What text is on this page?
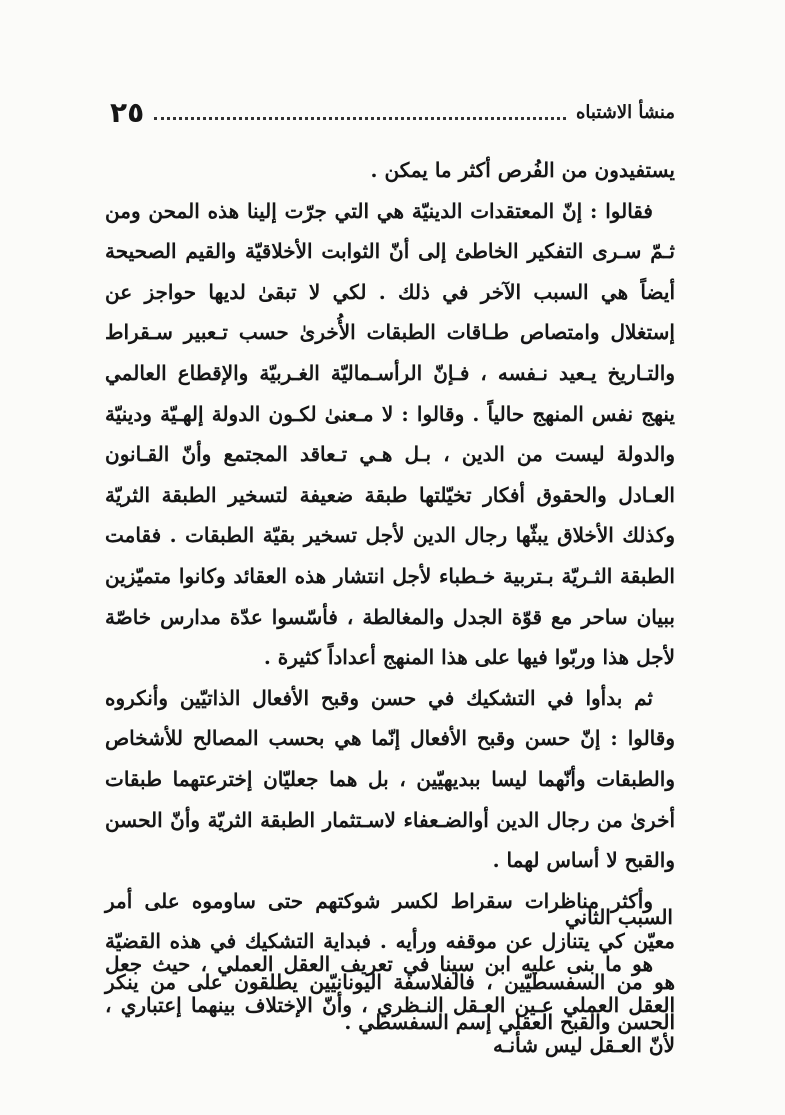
منشأ الاشتباه
٢٥

يستفيدون من الفُرص أكثر ما يمكن .

فقالوا : إنّ المعتقدات الدينيّة هي التي جرّت إلينا هذه المحن ومن ثـمّ سـرى التفكير الخاطئ إلى أنّ الثوابت الأخلاقيّة والقيم الصحيحة أيضاً هي السبب الآخر في ذلك . لكي لا تبقىٰ لديها حواجز عن إستغلال وامتصاص طـاقات الطبقات الأُخرىٰ حسب تـعبير سـقراط والتـاريخ يـعيد نـفسه ، فـإنّ الرأسـماليّة الغـربيّة والإقطاع العالمي ينهج نفس المنهج حالياً . وقالوا : لا مـعنىٰ لكـون الدولة إلهـيّة ودينيّة والدولة ليست من الدين ، بـل هـي تـعاقد المجتمع وأنّ القـانون العـادل والحقوق أفكار تخيّلتها طبقة ضعيفة لتسخير الطبقة الثريّة وكذلك الأخلاق يبثّها رجال الدين لأجل تسخير بقيّة الطبقات . فقامت الطبقة الثـريّة بـتربية خـطباء لأجل انتشار هذه العقائد وكانوا متميّزين ببيان ساحر مع قوّة الجدل والمغالطة ، فأسّسوا عدّة مدارس خاصّة لأجل هذا وربّوا فيها على هذا المنهج أعداداً كثيرة .

ثم بدأوا في التشكيك في حسن وقبح الأفعال الذاتيّين وأنكروه وقالوا : إنّ حسن وقبح الأفعال إنّما هي بحسب المصالح للأشخاص والطبقات وأنّهما ليسا ببديهيّين ، بل هما جعليّان إخترعتهما طبقات أخرىٰ من رجال الدين أوالضـعفاء لاسـتثمار الطبقة الثريّة وأنّ الحسن والقبح لا أساس لهما .

وأكثر مناظرات سقراط لكسر شوكتهم حتى ساوموه على أمر معيّن كي يتنازل عن موقفه ورأيه . فبداية التشكيك في هذه القضيّة هو من السفسطيّين ، فالفلاسفة اليونانيّين يطلقون على من ينكر الحسن والقبح العقلي إسم السفسطي .

السبب الثاني

هو ما بنى عليه ابن سينا في تعريف العقل العملي ، حيث جعل العقل العملي عـين العـقل النـظري ، وأنّ الإختلاف بينهما إعتباري ، لأنّ العـقل ليس شأنـه
